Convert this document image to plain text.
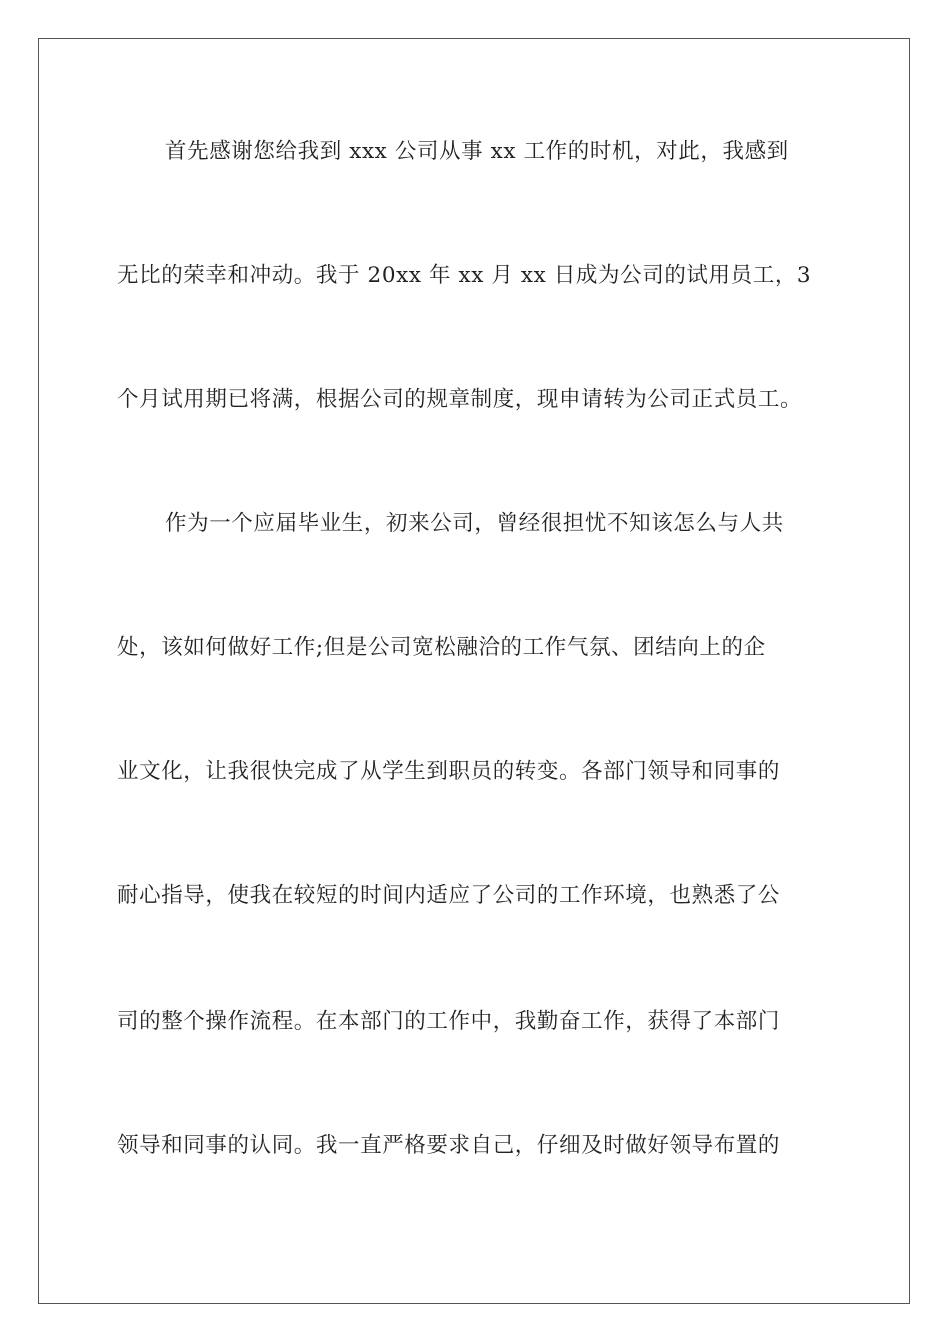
首先感谢您给我到 xxx 公司从事 xx 工作的时机，对此，我感到
无比的荣幸和冲动。我于 20xx 年 xx 月 xx 日成为公司的试用员工，3
个月试用期已将满，根据公司的规章制度，现申请转为公司正式员工。
作为一个应届毕业生，初来公司，曾经很担忧不知该怎么与人共
处，该如何做好工作;但是公司宽松融洽的工作气氛、团结向上的企
业文化，让我很快完成了从学生到职员的转变。各部门领导和同事的
耐心指导，使我在较短的时间内适应了公司的工作环境，也熟悉了公
司的整个操作流程。在本部门的工作中，我勤奋工作，获得了本部门
领导和同事的认同。我一直严格要求自己，仔细及时做好领导布置的
